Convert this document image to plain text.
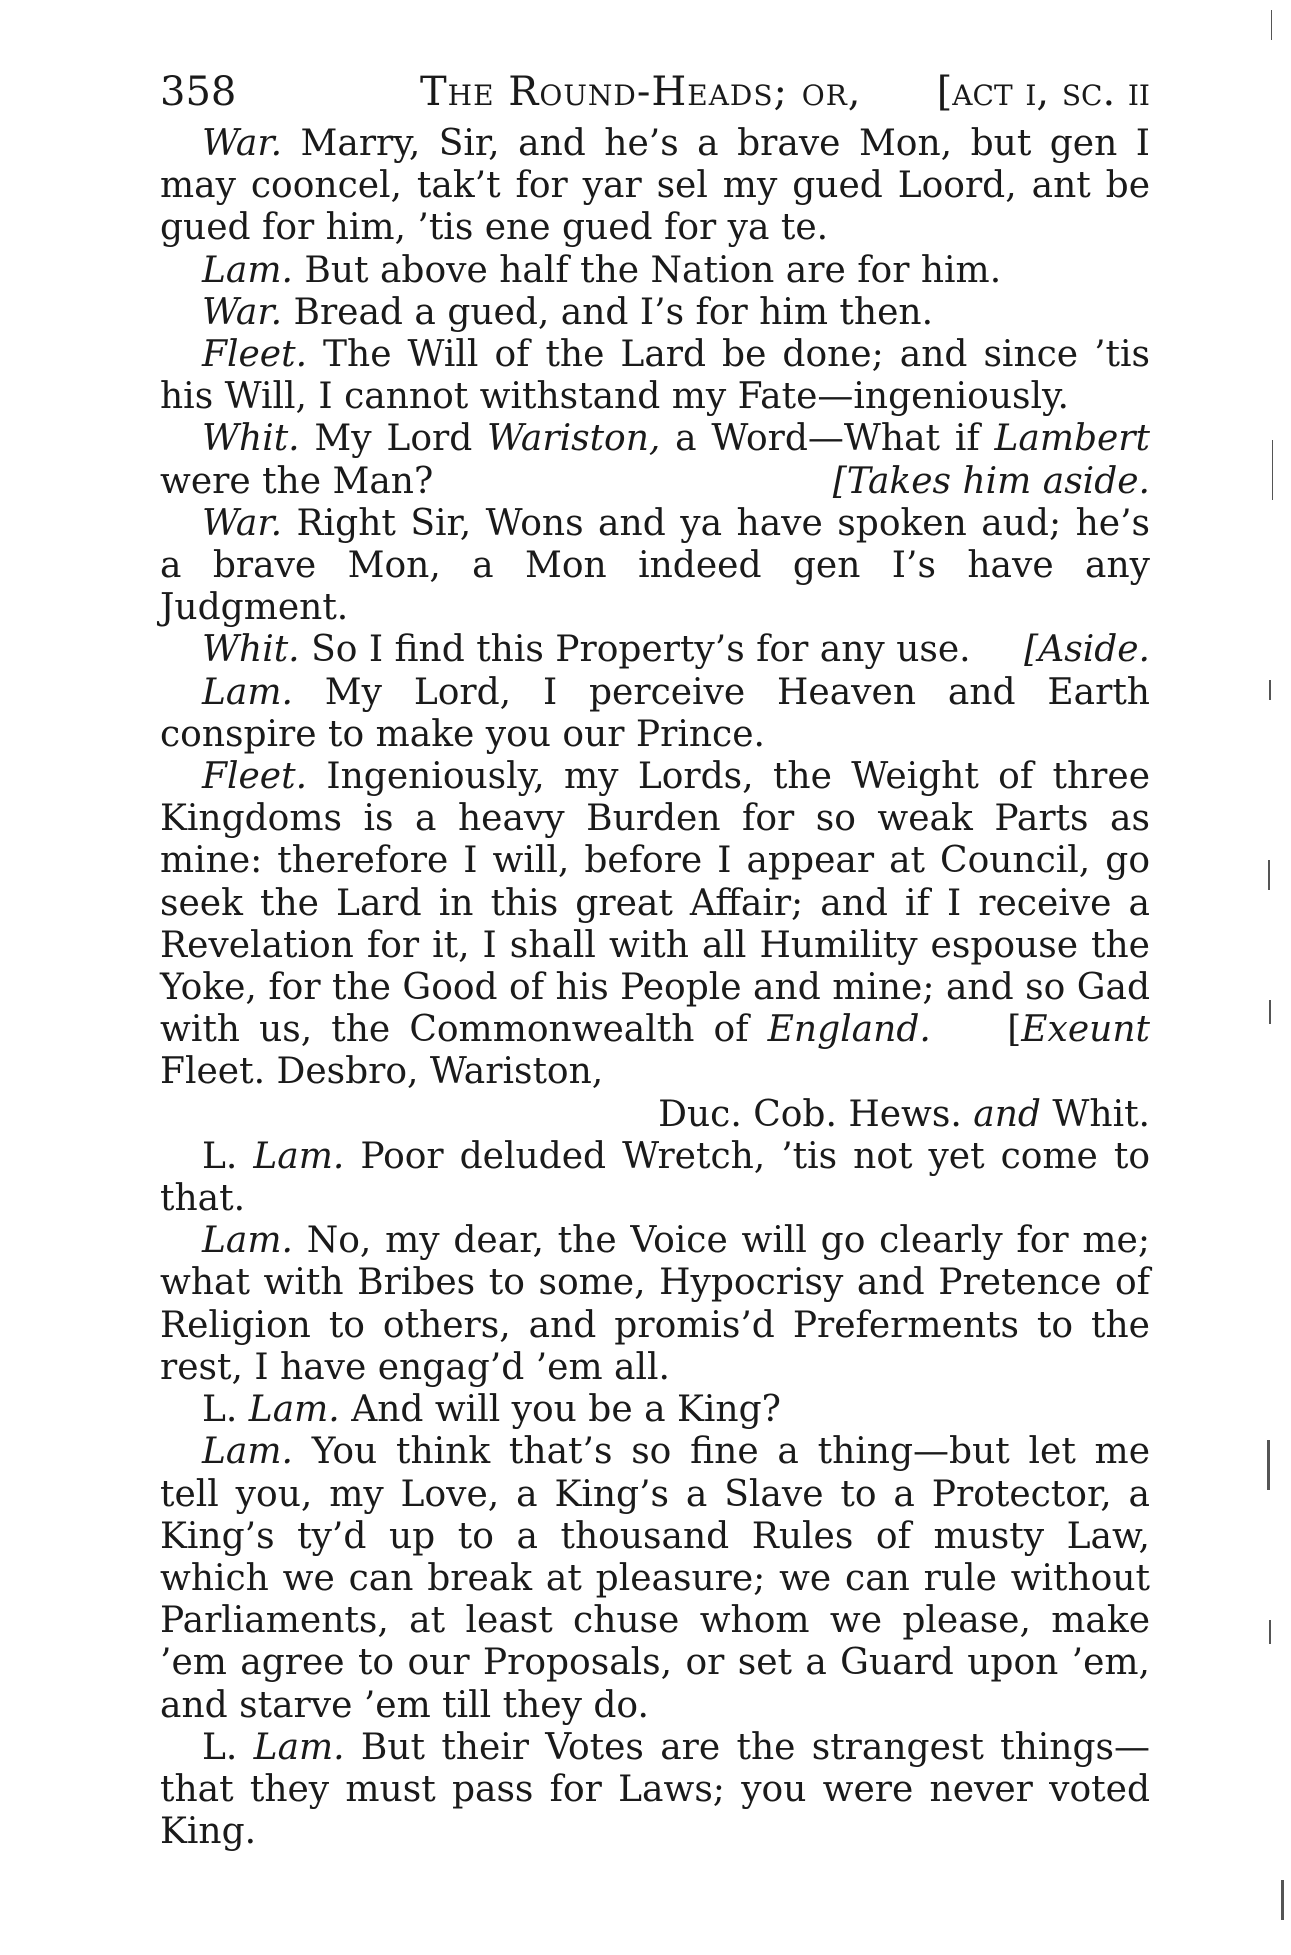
358	The Round-Heads; or, [act i, sc. ii

War. Marry, Sir, and he’s a brave Mon, but gen I may cooncel, tak’t for yar sel my gued Loord, ant be gued for him, ’tis ene gued for ya te.

Lam. But above half the Nation are for him.

War. Bread a gued, and I’s for him then.

Fleet. The Will of the Lard be done; and since ’tis his Will, I cannot withstand my Fate—ingeniously.

Whit. My Lord Wariston, a Word—What if Lambert were the Man?	[Takes him aside.

War. Right Sir, Wons and ya have spoken aud; he’s a brave Mon, a Mon indeed gen I’s have any Judgment.

Whit. So I find this Property’s for any use.	[Aside.

Lam. My Lord, I perceive Heaven and Earth conspire to make you our Prince.

Fleet. Ingeniously, my Lords, the Weight of three Kingdoms is a heavy Burden for so weak Parts as mine: therefore I will, before I appear at Council, go seek the Lard in this great Affair; and if I receive a Revelation for it, I shall with all Humility espouse the Yoke, for the Good of his People and mine; and so Gad with us, the Commonwealth of England. [Exeunt Fleet. Desbro, Wariston,
Duc. Cob. Hews. and Whit.

L. Lam. Poor deluded Wretch, ’tis not yet come to that.

Lam. No, my dear, the Voice will go clearly for me; what with Bribes to some, Hypocrisy and Pretence of Religion to others, and promis’d Preferments to the rest, I have engag’d ’em all.

L. Lam. And will you be a King?

Lam. You think that’s so fine a thing—but let me tell you, my Love, a King’s a Slave to a Protector, a King’s ty’d up to a thousand Rules of musty Law, which we can break at pleasure; we can rule without Parliaments, at least chuse whom we please, make ’em agree to our Proposals, or set a Guard upon ’em, and starve ’em till they do.

L. Lam. But their Votes are the strangest things—that they must pass for Laws; you were never voted King.
